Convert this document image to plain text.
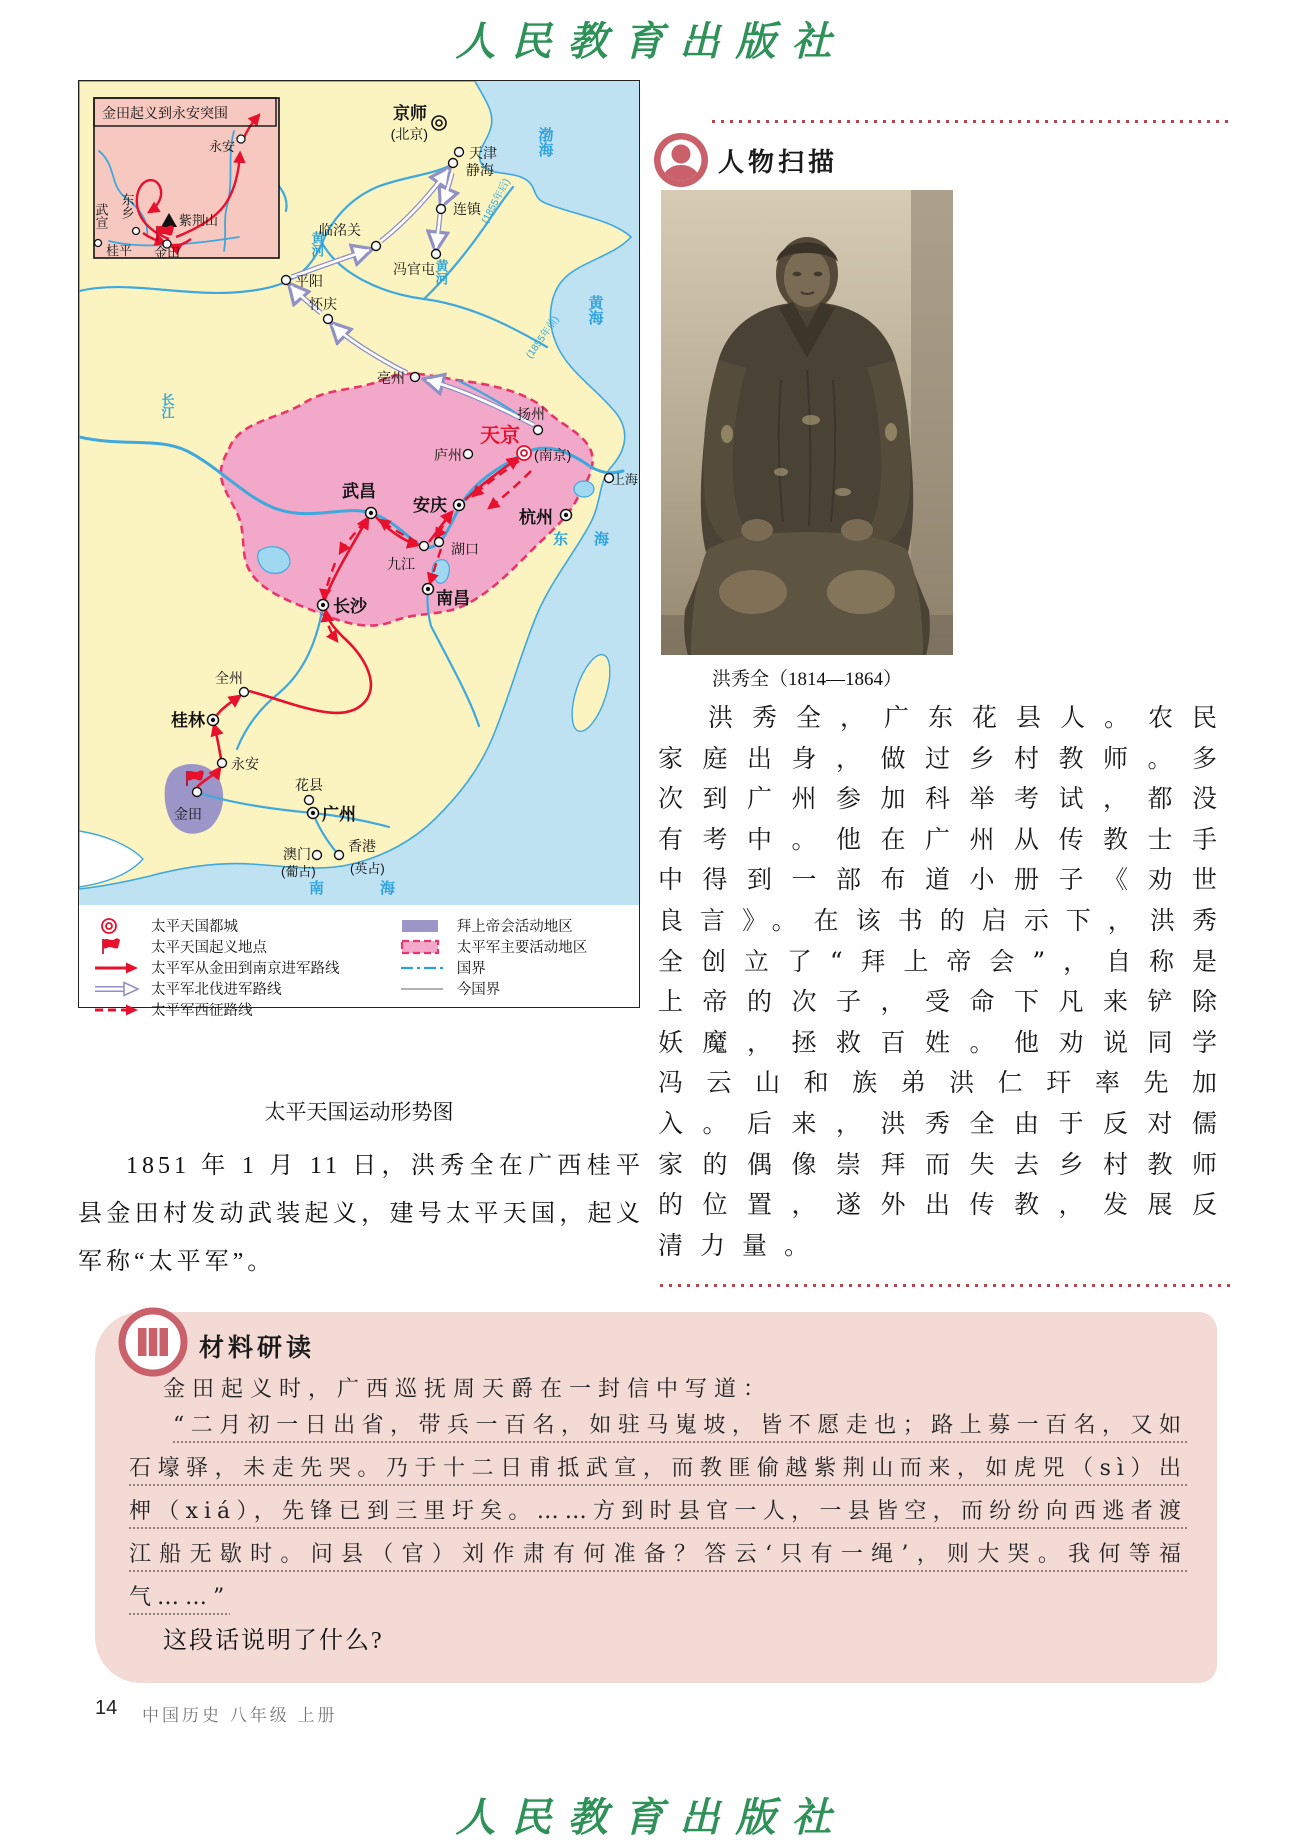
人民教育出版社
渤海
黄海
东海
南海
黄河
黄河
长江
(1855年后)
(1855年前)
京师
(北京)
天津
静海
连镇
临洺关
冯官屯
平阳
怀庆
亳州
扬州
天京
(南京)
庐州
上海
武昌
安庆
杭州
九江
湖口
南昌
长沙
全州
桂林
永安
金田
花县
广州
澳门
(葡占)
香港
(英占)
金田起义到永安突围
永安
东乡
紫荆山
武宣
金田
桂平
太平天国都城
太平天国起义地点
太平军从金田到南京进军路线
太平军北伐进军路线
太平军西征路线
拜上帝会活动地区
太平军主要活动地区
国界
今国界
太平天国运动形势图
1851 年 1 月 11 日，洪秀全在广西桂平县金田村发动武装起义，建号太平天国，起义军称“太平军”。
人物扫描
洪秀全（1814—1864）
洪秀全，广东花县人。农民家庭出身，做过乡村教师。多次到广州参加科举考试，都没有考中。他在广州从传教士手中得到一部布道小册子《劝世良言》。在该书的启示下，洪秀全创立了“拜上帝会”，自称是上帝的次子，受命下凡来铲除妖魔，拯救百姓。他劝说同学冯云山和族弟洪仁玕率先加入。后来，洪秀全由于反对儒家的偶像崇拜而失去乡村教师的位置，遂外出传教，发展反清力量。
材料研读
金田起义时，广西巡抚周天爵在一封信中写道：
“二月初一日出省，带兵一百名，如驻马嵬坡，皆不愿走也；路上募一百名，又如石壕驿，未走先哭。乃于十二日甫抵武宣，而教匪偷越紫荆山而来，如虎兕（sì）出柙（xiá），先锋已到三里圩矣。……方到时县官一人，一县皆空，而纷纷向西逃者渡江船无歇时。问县（官）刘作肃有何准备？答云‘只有一绳’，则大哭。我何等福气……”
这段话说明了什么?
14 中国历史 八年级 上册
人民教育出版社
